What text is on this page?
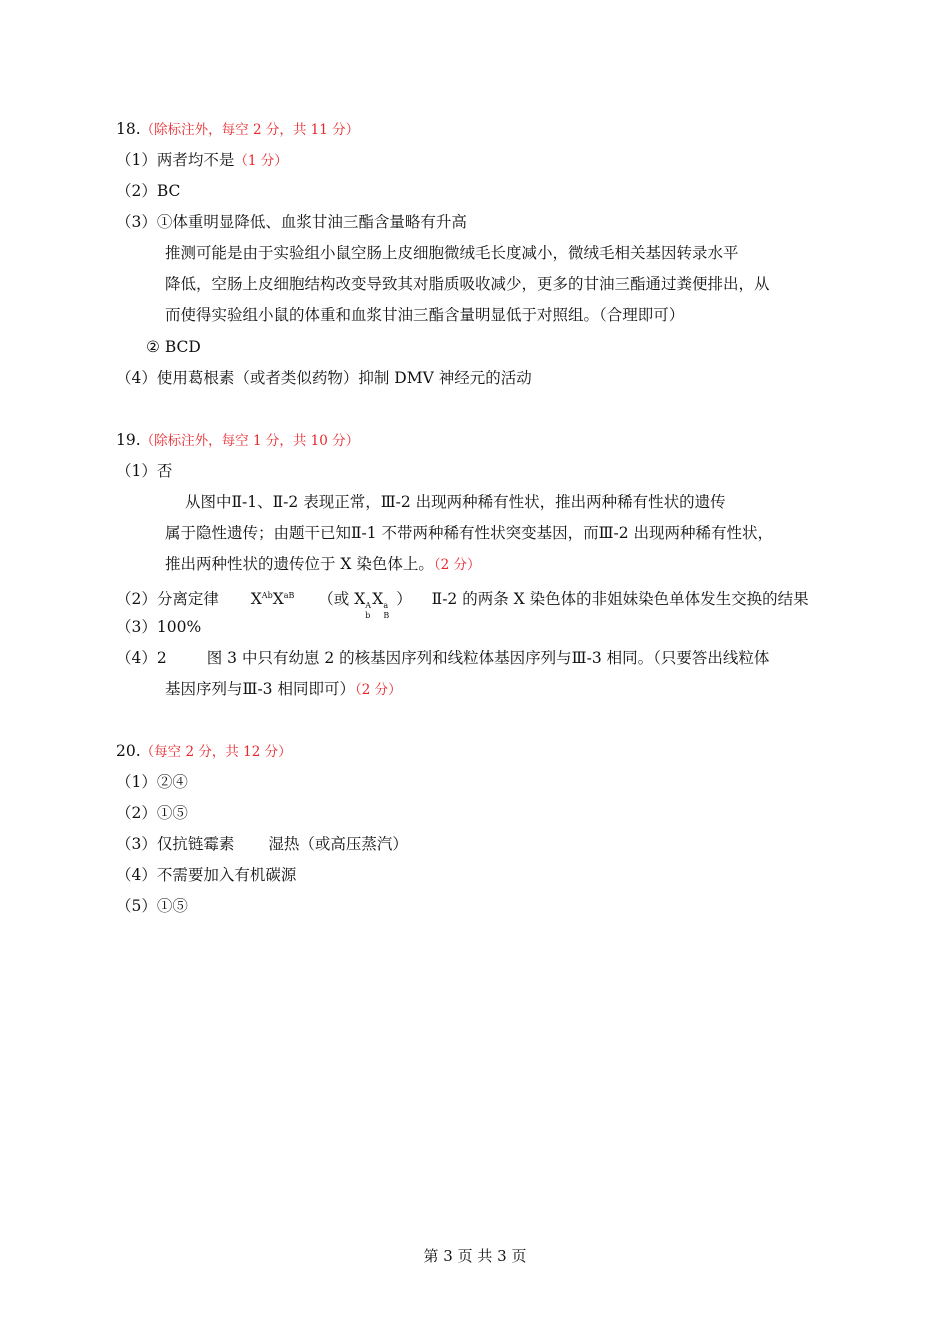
18.（除标注外，每空 2 分，共 11 分）
（1）两者均不是（1 分）
（2）BC
（3）①体重明显降低、血浆甘油三酯含量略有升高
推测可能是由于实验组小鼠空肠上皮细胞微绒毛长度减小，微绒毛相关基因转录水平
降低，空肠上皮细胞结构改变导致其对脂质吸收减少，更多的甘油三酯通过粪便排出，从
而使得实验组小鼠的体重和血浆甘油三酯含量明显低于对照组。（合理即可）
② BCD
（4）使用葛根素（或者类似药物）抑制 DMV 神经元的活动
19.（除标注外，每空 1 分，共 10 分）
（1）否
从图中Ⅱ-1、Ⅱ-2 表现正常，Ⅲ-2 出现两种稀有性状，推出两种稀有性状的遗传
属于隐性遗传；由题干已知Ⅱ-1 不带两种稀有性状突变基因，而Ⅲ-2 出现两种稀有性状，
推出两种性状的遗传位于 X 染色体上。（2 分）
（2）分离定律 $X^{Ab}X^{aB}$ （或 X A
b
X a
B
） Ⅱ-2 的两条 X 染色体的非姐妹染色单体发生交换的结果
（3）100%
（4）2	图 3 中只有幼崽 2 的核基因序列和线粒体基因序列与Ⅲ-3 相同。（只要答出线粒体
基因序列与Ⅲ-3 相同即可）（2 分）
20.（每空 2 分，共 12 分）
（1）②④
（2）①⑤
（3）仅抗链霉素 湿热（或高压蒸汽）
（4）不需要加入有机碳源
（5）①⑤
第 3 页 共 3 页
